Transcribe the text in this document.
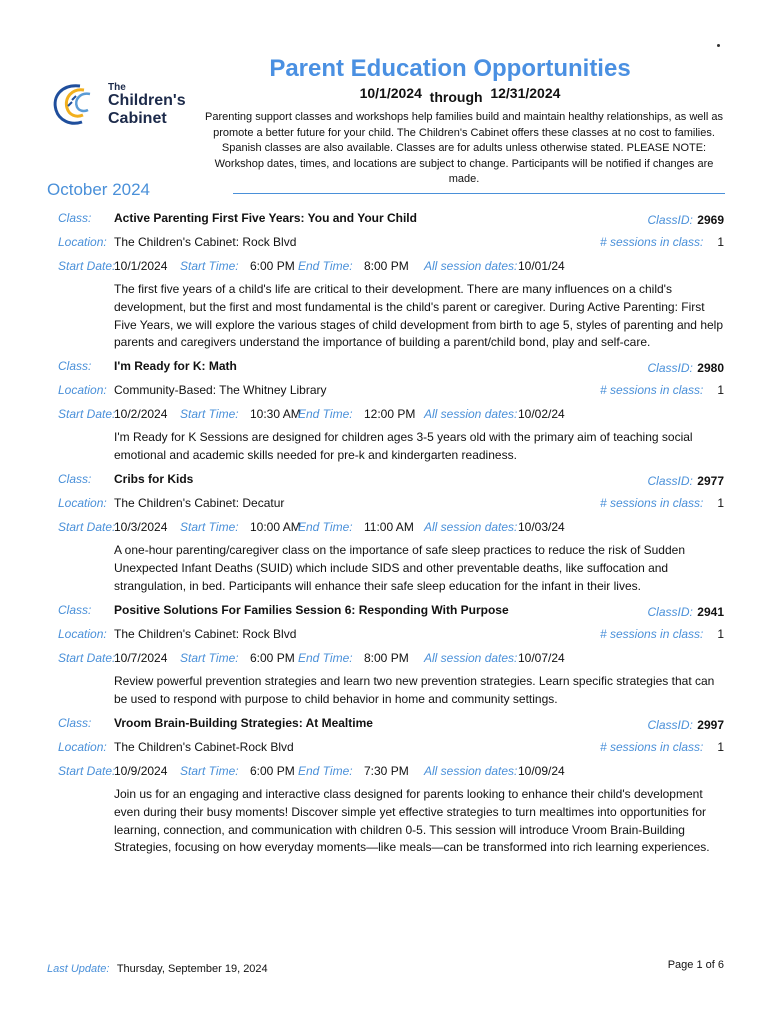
The
Children's
Cabinet
Parent Education Opportunities
10/1/2024 through 12/31/2024
Parenting support classes and workshops help families build and maintain healthy relationships, as well as promote a better future for your child. The Children's Cabinet offers these classes at no cost to families. Spanish classes are also available. Classes are for adults unless otherwise stated. PLEASE NOTE: Workshop dates, times, and locations are subject to change. Participants will be notified if changes are made.
October 2024
Class: Active Parenting First Five Years: You and Your Child	ClassID: 2969
Location: The Children's Cabinet: Rock Blvd	# sessions in class: 1
Start Date:
10/1/2024 Start Time: 6:00 PM End Time: 8:00 PM All session dates: 10/01/24
The first five years of a child's life are critical to their development. There are many influences on a child's development, but the first and most fundamental is the child's parent or caregiver. During Active Parenting: First Five Years, we will explore the various stages of child development from birth to age 5, styles of parenting and help parents and caregivers understand the importance of building a parent/child bond, play and self-care.
Class: I'm Ready for K: Math	ClassID: 2980
Location: Community-Based: The Whitney Library	# sessions in class: 1
Start Date:
10/2/2024 Start Time: 10:30 AM
End Time: 12:00 PM All session dates: 10/02/24
I'm Ready for K Sessions are designed for children ages 3-5 years old with the primary aim of teaching social emotional and academic skills needed for pre-k and kindergarten readiness.
Class: Cribs for Kids	ClassID: 2977
Location: The Children's Cabinet: Decatur	# sessions in class: 1
Start Date:
10/3/2024 Start Time: 10:00 AM
End Time: 11:00 AM All session dates: 10/03/24
A one-hour parenting/caregiver class on the importance of safe sleep practices to reduce the risk of Sudden Unexpected Infant Deaths (SUID) which include SIDS and other preventable deaths, like suffocation and strangulation, in bed. Participants will enhance their safe sleep education for the infant in their lives.
Class: Positive Solutions For Families Session 6: Responding With Purpose	ClassID: 2941
Location: The Children's Cabinet: Rock Blvd	# sessions in class: 1
Start Date:
10/7/2024 Start Time: 6:00 PM End Time: 8:00 PM All session dates: 10/07/24
Review powerful prevention strategies and learn two new prevention strategies. Learn specific strategies that can be used to respond with purpose to child behavior in home and community settings.
Class: Vroom Brain-Building Strategies: At Mealtime	ClassID: 2997
Location: The Children's Cabinet-Rock Blvd	# sessions in class: 1
Start Date:
10/9/2024 Start Time: 6:00 PM End Time: 7:30 PM All session dates: 10/09/24
Join us for an engaging and interactive class designed for parents looking to enhance their child's development even during their busy moments! Discover simple yet effective strategies to turn mealtimes into opportunities for learning, connection, and communication with children 0-5. This session will introduce Vroom Brain-Building Strategies, focusing on how everyday moments—like meals—can be transformed into rich learning experiences.
Last Update: Thursday, September 19, 2024	Page 1 of 6
